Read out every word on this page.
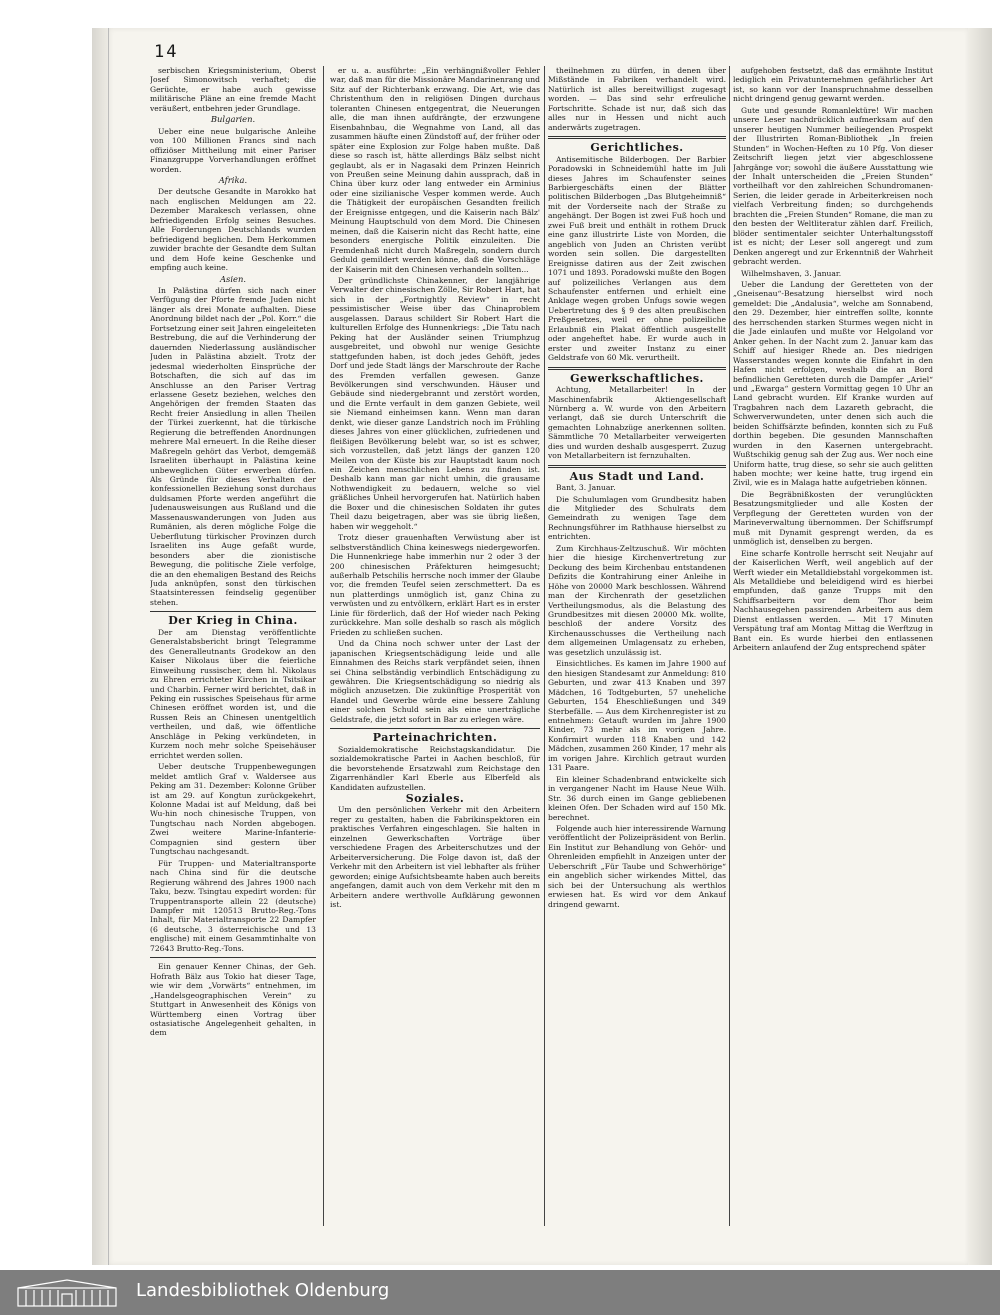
14

serbischen Kriegsministerium, Oberst Josef Simonowitsch verhaftet; die Gerüchte, er habe auch gewisse militärische Pläne an eine fremde Macht veräußert, entbehren jeder Grundlage.

Bulgarien.

Ueber eine neue bulgarische Anleihe von 100 Millionen Francs sind nach offiziöser Mittheilung mit einer Pariser Finanzgruppe Vorverhandlungen eröffnet worden.

Afrika.

Der deutsche Gesandte in Marokko hat nach englischen Meldungen am 22. Dezember Marakesch verlassen, ohne befriedigenden Erfolg seines Besuches. Alle Forderungen Deutschlands wurden befriedigend beglichen. Dem Herkommen zuwider brachte der Gesandte dem Sultan und dem Hofe keine Geschenke und empfing auch keine.

Asien.

In Palästina dürfen sich nach einer Verfügung der Pforte fremde Juden nicht länger als drei Monate aufhalten. Diese Anordnung bildet nach der „Pol. Korr.“ die Fortsetzung einer seit Jahren eingeleiteten Bestrebung, die auf die Verhinderung der dauernden Niederlassung ausländischer Juden in Palästina abzielt. Trotz der jedesmal wiederholten Einsprüche der Botschaften, die sich auf das im Anschlusse an den Pariser Vertrag erlassene Gesetz beziehen, welches den Angehörigen der fremden Staaten das Recht freier Ansiedlung in allen Theilen der Türkei zuerkennt, hat die türkische Regierung die betreffenden Anordnungen mehrere Mal erneuert. In die Reihe dieser Maßregeln gehört das Verbot, demgemäß Israeliten überhaupt in Palästina keine unbeweglichen Güter erwerben dürfen. Als Gründe für dieses Verhalten der konfessionellen Beziehung sonst durchaus duldsamen Pforte werden angeführt die Judenausweisungen aus Rußland und die Massenauswanderungen von Juden aus Rumänien, als deren mögliche Folge die Ueberflutung türkischer Provinzen durch Israeliten ins Auge gefaßt wurde, besonders aber die zionistische Bewegung, die politische Ziele verfolge, die an den ehemaligen Bestand des Reichs Juda anknüpfen, sonst den türkischen Staatsinteressen feindselig gegenüber stehen.

Der Krieg in China.

Der am Dienstag veröffentlichte Generalstabsbericht bringt Telegramme des Generalleutnants Grodekow an den Kaiser Nikolaus über die feierliche Einweihung russischer, dem hl. Nikolaus zu Ehren errichteter Kirchen in Tsitsikar und Charbin. Ferner wird berichtet, daß in Peking ein russisches Speisehaus für arme Chinesen eröffnet worden ist, und die Russen Reis an Chinesen unentgeltlich vertheilen, und daß, wie öffentliche Anschläge in Peking verkündeten, in Kurzem noch mehr solche Speisehäuser errichtet werden sollen.

Ueber deutsche Truppenbewegungen meldet amtlich Graf v. Waldersee aus Peking am 31. Dezember: Kolonne Grüber ist am 29. auf Kongtun zurückgekehrt, Kolonne Madai ist auf Meldung, daß bei Wu-hin noch chinesische Truppen, von Tungtschau nach Norden abgebogen. Zwei weitere Marine-Infanterie-Compagnien sind gestern über Tungtschau nachgesandt.

Für Truppen- und Materialtransporte nach China sind für die deutsche Regierung während des Jahres 1900 nach Taku, bezw. Tsingtau expedirt worden: für Truppentransporte allein 22 (deutsche) Dampfer mit 120513 Brutto-Reg.-Tons Inhalt, für Materialtransporte 22 Dampfer (6 deutsche, 3 österreichische und 13 englische) mit einem Gesammtinhalte von 72643 Brutto-Reg.-Tons.

Ein genauer Kenner Chinas, der Geh. Hofrath Bälz aus Tokio hat dieser Tage, wie wir dem „Vorwärts“ entnehmen, im „Handelsgeographischen Verein“ zu Stuttgart in Anwesenheit des Königs von Württemberg einen Vortrag über ostasiatische Angelegenheit gehalten, in dem

er u. a. ausführte: „Ein verhängnißvoller Fehler war, daß man für die Missionäre Mandarinenrang und Sitz auf der Richterbank erzwang. Die Art, wie das Christenthum den in religiösen Dingen durchaus toleranten Chinesen entgegentrat, die Neuerungen alle, die man ihnen aufdrängte, der erzwungene Eisenbahnbau, die Wegnahme von Land, all das zusammen häufte einen Zündstoff auf, der früher oder später eine Explosion zur Folge haben mußte. Daß diese so rasch ist, hätte allerdings Bälz selbst nicht geglaubt, als er in Nagasaki dem Prinzen Heinrich von Preußen seine Meinung dahin aussprach, daß in China über kurz oder lang entweder ein Arminius oder eine sizilianische Vesper kommen werde. Auch die Thätigkeit der europäischen Gesandten freilich der Ereignisse entgegen, und die Kaiserin nach Bälz' Meinung Hauptschuld von dem Mord. Die Chinesen meinen, daß die Kaiserin nicht das Recht hatte, eine besonders energische Politik einzuleiten. Die Fremdenhaß nicht durch Maßregeln, sondern durch Geduld gemildert werden könne, daß die Vorschläge der Kaiserin mit den Chinesen verhandeln sollten...

Der gründlichste Chinakenner, der langjährige Verwalter der chinesischen Zölle, Sir Robert Hart, hat sich in der „Fortnightly Review“ in recht pessimistischer Weise über das Chinaproblem ausgelassen. Daraus schildert Sir Robert Hart die kulturellen Erfolge des Hunnenkriegs: „Die Tatu nach Peking hat der Ausländer seinen Triumphzug ausgebreitet, und obwohl nur wenige Gesichte stattgefunden haben, ist doch jedes Gehöft, jedes Dorf und jede Stadt längs der Marschroute der Rache des Fremden verfallen gewesen. Ganze Bevölkerungen sind verschwunden. Häuser und Gebäude sind niedergebrannt und zerstört worden, und die Ernte verfault in dem ganzen Gebiete, weil sie Niemand einheimsen kann. Wenn man daran denkt, wie dieser ganze Landstrich noch im Frühling dieses Jahres von einer glücklichen, zufriedenen und fleißigen Bevölkerung belebt war, so ist es schwer, sich vorzustellen, daß jetzt längs der ganzen 120 Meilen von der Küste bis zur Hauptstadt kaum noch ein Zeichen menschlichen Lebens zu finden ist. Deshalb kann man gar nicht umhin, die grausame Nothwendigkeit zu bedauern, welche so viel gräßliches Unheil hervorgerufen hat. Natürlich haben die Boxer und die chinesischen Soldaten ihr gutes Theil dazu beigetragen, aber was sie übrig ließen, haben wir weggeholt.“

Trotz dieser grauenhaften Verwüstung aber ist selbstverständlich China keineswegs niedergeworfen. Die Hunnenkriege habe immerhin nur 2 oder 3 der 200 chinesischen Präfekturen heimgesucht; außerhalb Petschilis herrsche noch immer der Glaube vor, die fremden Teufel seien zerschmettert. Da es nun platterdings unmöglich ist, ganz China zu verwüsten und zu entvölkern, erklärt Hart es in erster Linie für förderlich, daß der Hof wieder nach Peking zurückkehre. Man solle deshalb so rasch als möglich Frieden zu schließen suchen.

Und da China noch schwer unter der Last der japanischen Kriegsentschädigung leide und alle Einnahmen des Reichs stark verpfändet seien, ihnen sei China selbständig verbindlich Entschädigung zu gewähren. Die Kriegsentschädigung so niedrig als möglich anzusetzen. Die zukünftige Prosperität von Handel und Gewerbe würde eine bessere Zahlung einer solchen Schuld sein als eine unerträgliche Geldstrafe, die jetzt sofort in Bar zu erlegen wäre.

Parteinachrichten.

Sozialdemokratische Reichstagskandidatur. Die sozialdemokratische Partei in Aachen beschloß, für die bevorstehende Ersatzwahl zum Reichstage den Zigarrenhändler Karl Eberle aus Elberfeld als Kandidaten aufzustellen.

Soziales.

Um den persönlichen Verkehr mit den Arbeitern reger zu gestalten, haben die Fabrikinspektoren ein praktisches Verfahren eingeschlagen. Sie halten in einzelnen Gewerkschaften Vorträge über verschiedene Fragen des Arbeiterschutzes und der Arbeiterversicherung. Die Folge davon ist, daß der Verkehr mit den Arbeitern ist viel lebhafter als früher geworden; einige Aufsichtsbeamte haben auch bereits angefangen, damit auch von dem Verkehr mit den m Arbeitern andere werthvolle Aufklärung gewonnen ist.

theilnehmen zu dürfen, in denen über Mißstände in Fabriken verhandelt wird. Natürlich ist alles bereitwilligst zugesagt worden. — Das sind sehr erfreuliche Fortschritte. Schade ist nur, daß sich das alles nur in Hessen und nicht auch anderwärts zugetragen.

Gerichtliches.

Antisemitische Bilderbogen. Der Barbier Poradowski in Schneidemühl hatte im Juli dieses Jahres im Schaufenster seines Barbiergeschäfts einen der Blätter politischen Bilderbogen „Das Blutgeheimniß“ mit der Vorderseite nach der Straße zu angehängt. Der Bogen ist zwei Fuß hoch und zwei Fuß breit und enthält in rothem Druck eine ganz illustrirte Liste von Morden, die angeblich von Juden an Christen verübt worden sein sollen. Die dargestellten Ereignisse datiren aus der Zeit zwischen 1071 und 1893. Poradowski mußte den Bogen auf polizeiliches Verlangen aus dem Schaufenster entfernen und erhielt eine Anklage wegen groben Unfugs sowie wegen Uebertretung des § 9 des alten preußischen Preßgesetzes, weil er ohne polizeiliche Erlaubniß ein Plakat öffentlich ausgestellt oder angeheftet habe. Er wurde auch in erster und zweiter Instanz zu einer Geldstrafe von 60 Mk. verurtheilt.

Gewerkschaftliches.

Achtung, Metallarbeiter! In der Maschinenfabrik Aktiengesellschaft Nürnberg a. W. wurde von den Arbeitern verlangt, daß sie durch Unterschrift die gemachten Lohnabzüge anerkennen sollten. Sämmtliche 70 Metallarbeiter verweigerten dies und wurden deshalb ausgesperrt. Zuzug von Metallarbeitern ist fernzuhalten.

Aus Stadt und Land.

Bant, 3. Januar.

Die Schulumlagen vom Grundbesitz haben die Mitglieder des Schulrats dem Gemeindrath zu wenigen Tage dem Rechnungsführer im Rathhause hierselbst zu entrichten.

Zum Kirchhaus-Zeltzuschuß. Wir möchten hier die hiesige Kirchenvertretung zur Deckung des beim Kirchenbau entstandenen Defizits die Kontrahirung einer Anleihe in Höhe von 20000 Mark beschlossen. Während man der Kirchenrath der gesetzlichen Vertheilungsmodus, als die Belastung des Grundbesitzes mit diesen 20000 Mk. wollte, beschloß der andere Vorsitz des Kirchenausschusses die Vertheilung nach dem allgemeinen Umlagensatz zu erheben, was gesetzlich unzulässig ist.

Einsichtliches. Es kamen im Jahre 1900 auf den hiesigen Standesamt zur Anmeldung: 810 Geburten, und zwar 413 Knaben und 397 Mädchen, 16 Todtgeburten, 57 uneheliche Geburten, 154 Eheschließungen und 349 Sterbefälle. — Aus dem Kirchenregister ist zu entnehmen: Getauft wurden im Jahre 1900 Kinder, 73 mehr als im vorigen Jahre. Konfirmirt wurden 118 Knaben und 142 Mädchen, zusammen 260 Kinder, 17 mehr als im vorigen Jahre. Kirchlich getraut wurden 131 Paare.

Ein kleiner Schadenbrand entwickelte sich in vergangener Nacht im Hause Neue Wilh. Str. 36 durch einen im Gange gebliebenen kleinen Ofen. Der Schaden wird auf 150 Mk. berechnet.

Folgende auch hier interessirende Warnung veröffentlicht der Polizeipräsident von Berlin. Ein Institut zur Behandlung von Gehör- und Ohrenleiden empfiehlt in Anzeigen unter der Ueberschrift „Für Taube und Schwerhörige“ ein angeblich sicher wirkendes Mittel, das sich bei der Untersuchung als werthlos erwiesen hat. Es wird vor dem Ankauf dringend gewarnt.

aufgehoben festsetzt, daß das ermähnte Institut lediglich ein Privatunternehmen gefährlicher Art ist, so kann vor der Inanspruchnahme desselben nicht dringend genug gewarnt werden.

Gute und gesunde Romanlektüre! Wir machen unsere Leser nachdrücklich aufmerksam auf den unserer heutigen Nummer beiliegenden Prospekt der Illustrirten Roman-Bibliothek „In freien Stunden“ in Wochen-Heften zu 10 Pfg. Von dieser Zeitschrift liegen jetzt vier abgeschlossene Jahrgänge vor; sowohl die äußere Ausstattung wie der Inhalt unterscheiden die „Freien Stunden“ vortheilhaft vor den zahlreichen Schundromanen-Serien, die leider gerade in Arbeiterkreisen noch vielfach Verbreitung finden; so durchgehends brachten die „Freien Stunden“ Romane, die man zu den besten der Weltliteratur zählen darf. Freilich, blöder sentimentaler seichter Unterhaltungsstoff ist es nicht; der Leser soll angeregt und zum Denken angeregt und zur Erkenntniß der Wahrheit gebracht werden.

Wilhelmshaven, 3. Januar.

Ueber die Landung der Geretteten von der „Gneisenau“-Besatzung hierselbst wird noch gemeldet: Die „Andalusia“, welche am Sonnabend, den 29. Dezember, hier eintreffen sollte, konnte des herrschenden starken Sturmes wegen nicht in die Jade einlaufen und mußte vor Helgoland vor Anker gehen. In der Nacht zum 2. Januar kam das Schiff auf hiesiger Rhede an. Des niedrigen Wasserstandes wegen konnte die Einfahrt in den Hafen nicht erfolgen, weshalb die an Bord befindlichen Geretteten durch die Dampfer „Ariel“ und „Ewarga“ gestern Vormittag gegen 10 Uhr an Land gebracht wurden. Elf Kranke wurden auf Tragbahren nach dem Lazareth gebracht, die Schwerverwundeten, unter denen sich auch die beiden Schiffsärzte befinden, konnten sich zu Fuß dorthin begeben. Die gesunden Mannschaften wurden in den Kasernen untergebracht. Wußtschikig genug sah der Zug aus. Wer noch eine Uniform hatte, trug diese, so sehr sie auch gelitten haben mochte; wer keine hatte, trug irgend ein Zivil, wie es in Malaga hatte aufgetrieben können.

Die Begräbnißkosten der verunglückten Besatzungsmitglieder und alle Kosten der Verpflegung der Geretteten wurden von der Marineverwaltung übernommen. Der Schiffsrumpf muß mit Dynamit gesprengt werden, da es unmöglich ist, denselben zu bergen.

Eine scharfe Kontrolle herrscht seit Neujahr auf der Kaiserlichen Werft, weil angeblich auf der Werft wieder ein Metalldiebstahl vorgekommen ist. Als Metalldiebe und beleidigend wird es hierbei empfunden, daß ganze Trupps mit den Schiffsarbeitern vor dem Thor beim Nachhausegehen passirenden Arbeitern aus dem Dienst entlassen werden. — Mit 17 Minuten Verspätung traf am Montag Mittag die Werftzug in Bant ein. Es wurde hierbei den entlassenen Arbeitern anlaufend der Zug entsprechend später

Landesbibliothek Oldenburg
